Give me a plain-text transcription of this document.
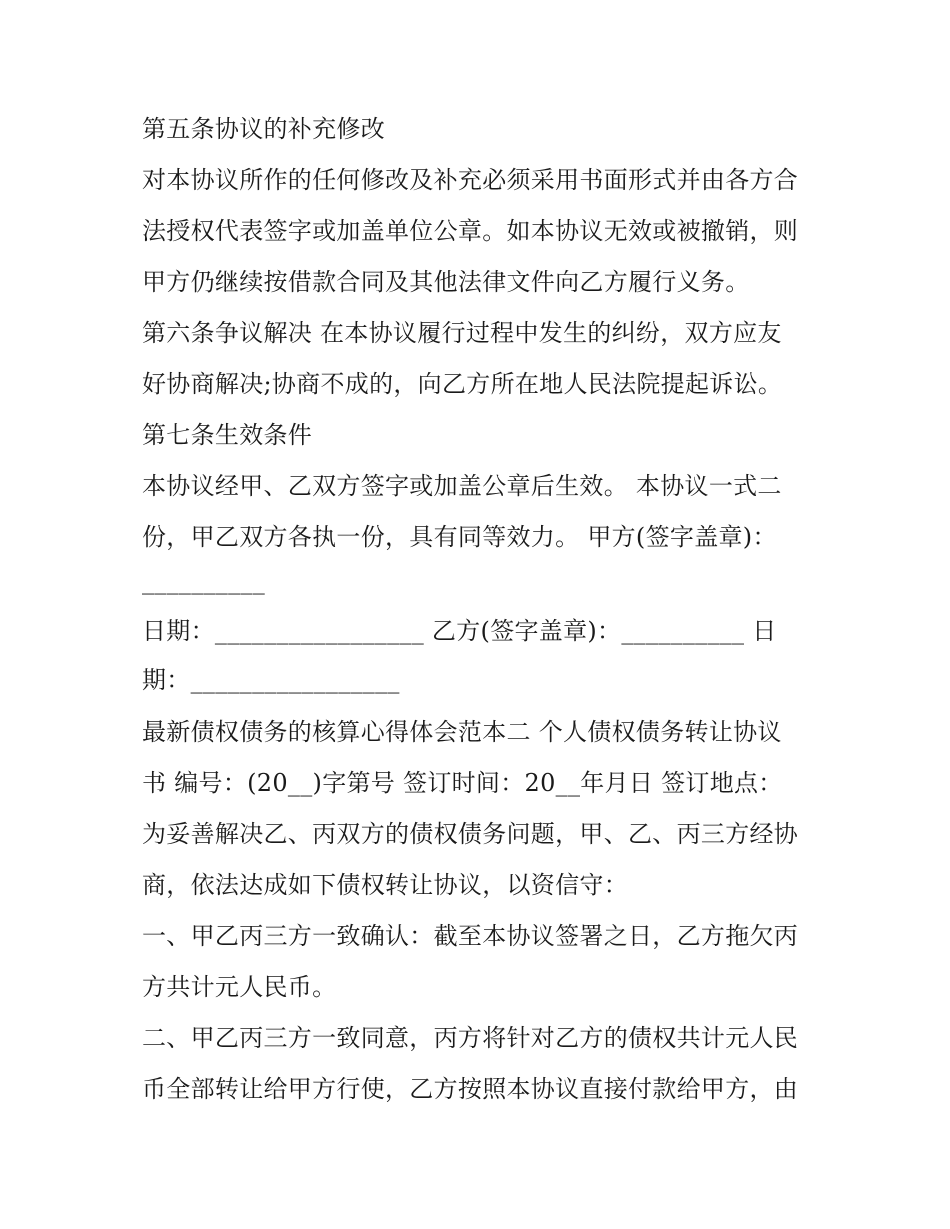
第五条协议的补充修改
对本协议所作的任何修改及补充必须采用书面形式并由各方合
法授权代表签字或加盖单位公章。如本协议无效或被撤销，则
甲方仍继续按借款合同及其他法律文件向乙方履行义务。
第六条争议解决 在本协议履行过程中发生的纠纷，双方应友
好协商解决;协商不成的，向乙方所在地人民法院提起诉讼。
第七条生效条件
本协议经甲、乙双方签字或加盖公章后生效。 本协议一式二
份，甲乙双方各执一份，具有同等效力。 甲方(签字盖章)：
__________
日期：_________________ 乙方(签字盖章)：__________ 日
期：_________________
最新债权债务的核算心得体会范本二 个人债权债务转让协议
书 编号：(20__)字第号 签订时间：20__年月日 签订地点：
为妥善解决乙、丙双方的债权债务问题，甲、乙、丙三方经协
商，依法达成如下债权转让协议，以资信守：
一、甲乙丙三方一致确认：截至本协议签署之日，乙方拖欠丙
方共计元人民币。
二、甲乙丙三方一致同意，丙方将针对乙方的债权共计元人民
币全部转让给甲方行使，乙方按照本协议直接付款给甲方，由
